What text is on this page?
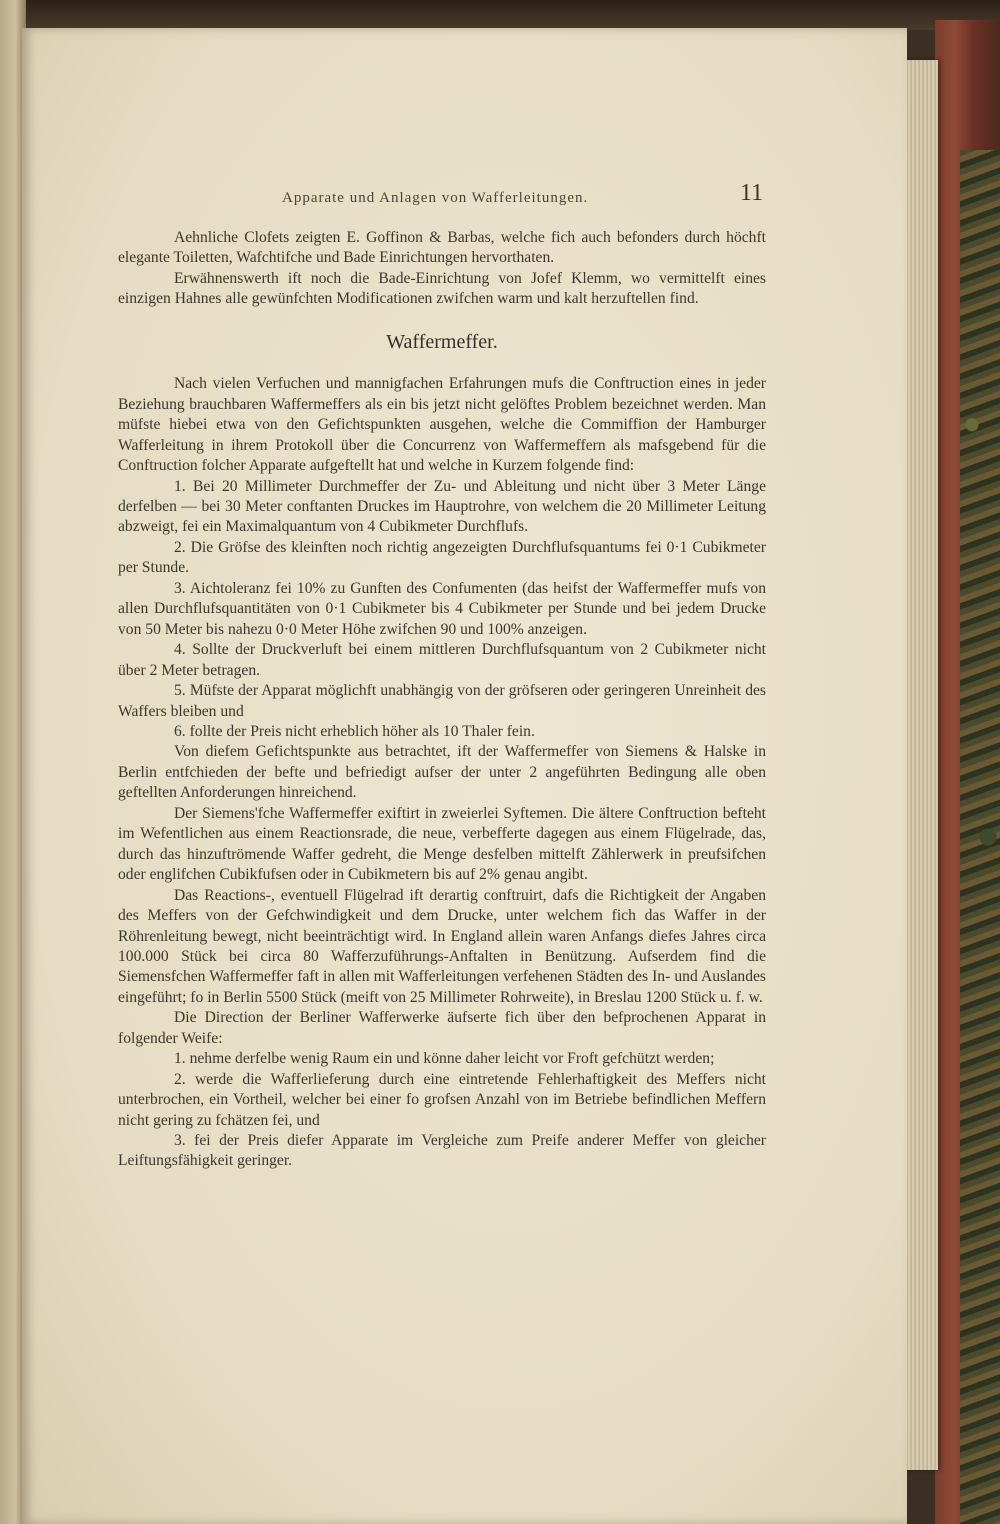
Apparate und Anlagen von Wafferleitungen.	11

Aehnliche Clofets zeigten E. Goffinon & Barbas, welche fich auch befonders durch höchft elegante Toiletten, Wafchtifche und Bade Einrichtungen hervorthaten.

Erwähnenswerth ift noch die Bade-Einrichtung von Jofef Klemm, wo vermittelft eines einzigen Hahnes alle gewünfchten Modificationen zwifchen warm und kalt herzuftellen find.

Waffermeffer.

Nach vielen Verfuchen und mannigfachen Erfahrungen mufs die Conftruction eines in jeder Beziehung brauchbaren Waffermeffers als ein bis jetzt nicht gelöftes Problem bezeichnet werden. Man müfste hiebei etwa von den Gefichtspunkten ausgehen, welche die Commiffion der Hamburger Wafferleitung in ihrem Protokoll über die Concurrenz von Waffermeffern als mafsgebend für die Conftruction folcher Apparate aufgeftellt hat und welche in Kurzem folgende find:

1. Bei 20 Millimeter Durchmeffer der Zu- und Ableitung und nicht über 3 Meter Länge derfelben — bei 30 Meter conftanten Druckes im Hauptrohre, von welchem die 20 Millimeter Leitung abzweigt, fei ein Maximalquantum von 4 Cubikmeter Durchflufs.

2. Die Gröfse des kleinften noch richtig angezeigten Durchflufsquantums fei 0·1 Cubikmeter per Stunde.

3. Aichtoleranz fei 10% zu Gunften des Confumenten (das heifst der Waffermeffer mufs von allen Durchflufsquantitäten von 0·1 Cubikmeter bis 4 Cubikmeter per Stunde und bei jedem Drucke von 50 Meter bis nahezu 0·0 Meter Höhe zwifchen 90 und 100% anzeigen.

4. Sollte der Druckverluft bei einem mittleren Durchflufsquantum von 2 Cubikmeter nicht über 2 Meter betragen.

5. Müfste der Apparat möglichft unabhängig von der gröfseren oder geringeren Unreinheit des Waffers bleiben und

6. follte der Preis nicht erheblich höher als 10 Thaler fein.

Von diefem Gefichtspunkte aus betrachtet, ift der Waffermeffer von Siemens & Halske in Berlin entfchieden der befte und befriedigt aufser der unter 2 angeführten Bedingung alle oben geftellten Anforderungen hinreichend.

Der Siemens'fche Waffermeffer exiftirt in zweierlei Syftemen. Die ältere Conftruction befteht im Wefentlichen aus einem Reactionsrade, die neue, verbefferte dagegen aus einem Flügelrade, das, durch das hinzuftrömende Waffer gedreht, die Menge desfelben mittelft Zählerwerk in preufsifchen oder englifchen Cubikfufsen oder in Cubikmetern bis auf 2% genau angibt.

Das Reactions-, eventuell Flügelrad ift derartig conftruirt, dafs die Richtigkeit der Angaben des Meffers von der Gefchwindigkeit und dem Drucke, unter welchem fich das Waffer in der Röhrenleitung bewegt, nicht beeinträchtigt wird. In England allein waren Anfangs diefes Jahres circa 100.000 Stück bei circa 80 Wafferzuführungs-Anftalten in Benützung. Aufserdem find die Siemensfchen Waffermeffer faft in allen mit Wafferleitungen verfehenen Städten des In- und Auslandes eingeführt; fo in Berlin 5500 Stück (meift von 25 Millimeter Rohrweite), in Breslau 1200 Stück u. f. w.

Die Direction der Berliner Wafferwerke äufserte fich über den befprochenen Apparat in folgender Weife:

1. nehme derfelbe wenig Raum ein und könne daher leicht vor Froft gefchützt werden;

2. werde die Wafferlieferung durch eine eintretende Fehlerhaftigkeit des Meffers nicht unterbrochen, ein Vortheil, welcher bei einer fo grofsen Anzahl von im Betriebe befindlichen Meffern nicht gering zu fchätzen fei, und

3. fei der Preis diefer Apparate im Vergleiche zum Preife anderer Meffer von gleicher Leiftungsfähigkeit geringer.
